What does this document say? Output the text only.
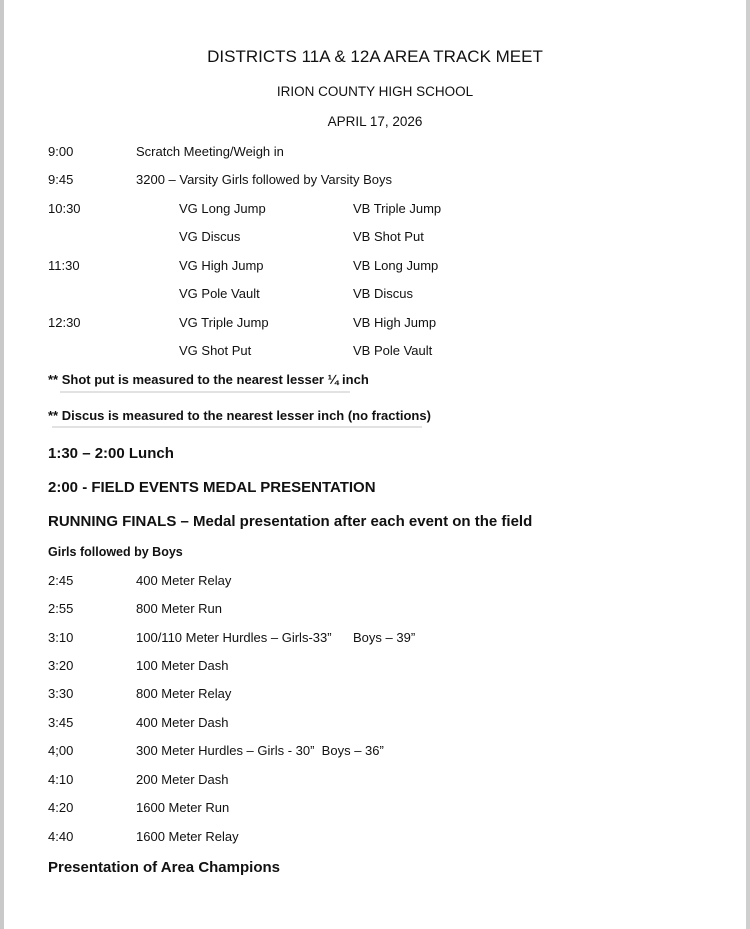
DISTRICTS 11A & 12A AREA TRACK MEET
IRION COUNTY HIGH SCHOOL
APRIL 17, 2026
9:00	Scratch Meeting/Weigh in
9:45	3200 – Varsity Girls followed by Varsity Boys
10:30	VG Long Jump	VB Triple Jump
VG Discus	VB Shot Put
11:30	VG High Jump	VB Long Jump
VG Pole Vault	VB Discus
12:30	VG Triple Jump	VB High Jump
VG Shot Put	VB Pole Vault
** Shot put is measured to the nearest lesser ¼ inch
** Discus is measured to the nearest lesser inch (no fractions)
1:30 – 2:00 Lunch
2:00 - FIELD EVENTS MEDAL PRESENTATION
RUNNING FINALS – Medal presentation after each event on the field
Girls followed by Boys
2:45	400 Meter Relay
2:55	800 Meter Run
3:10	100/110 Meter Hurdles – Girls-33” Boys – 39”
3:20	100 Meter Dash
3:30	800 Meter Relay
3:45	400 Meter Dash
4;00	300 Meter Hurdles – Girls - 30”  Boys – 36”
4:10	200 Meter Dash
4:20	1600 Meter Run
4:40	1600 Meter Relay
Presentation of Area Champions
